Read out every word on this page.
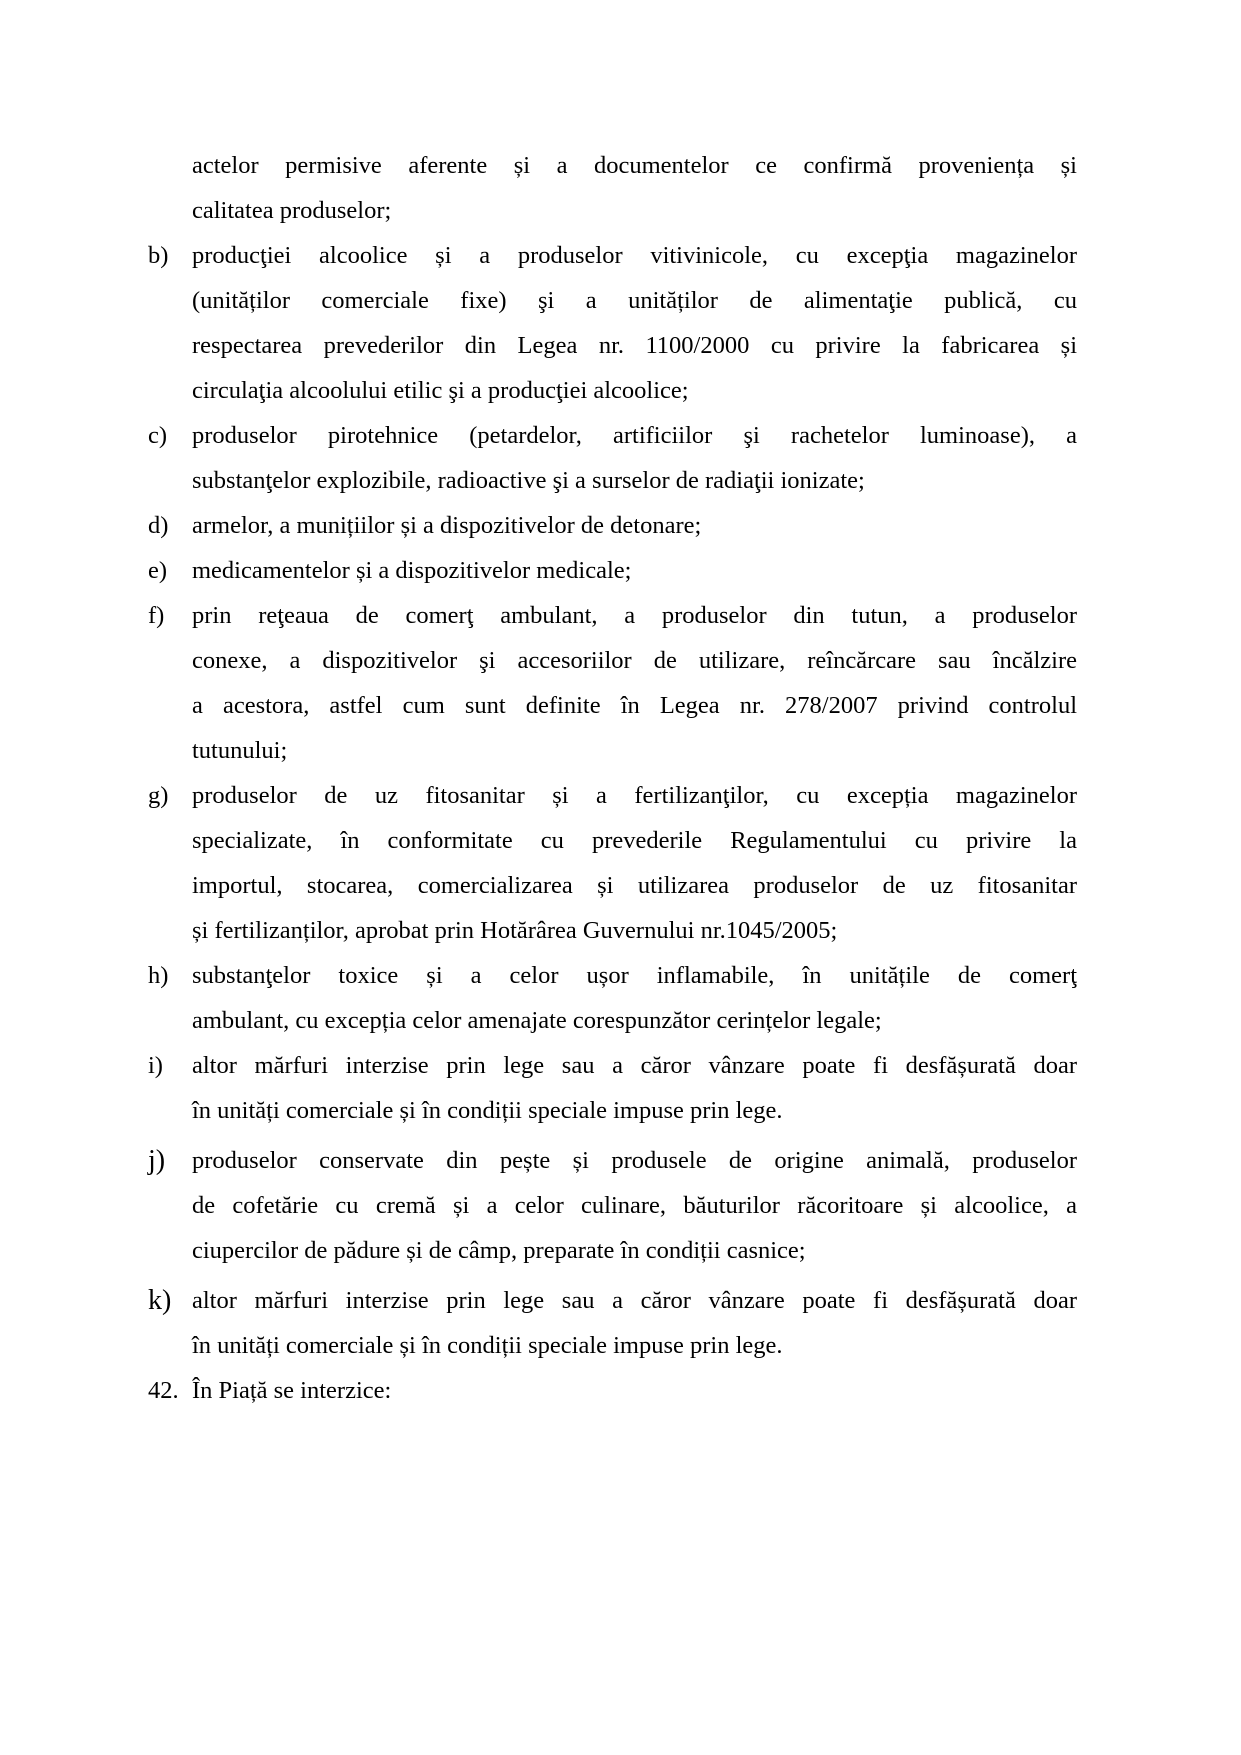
actelor permisive aferente și a documentelor ce confirmă proveniența și
calitatea produselor;
b) producţiei alcoolice și a produselor vitivinicole, cu excepţia magazinelor
(unităților comerciale fixe) şi a unităților de alimentaţie publică, cu
respectarea prevederilor din Legea nr. 1100/2000 cu privire la fabricarea și
circulaţia alcoolului etilic şi a producţiei alcoolice;
c)	produselor pirotehnice (petardelor, artificiilor şi rachetelor luminoase), a
substanţelor explozibile, radioactive şi a surselor de radiaţii ionizate;
d) armelor, a munițiilor și a dispozitivelor de detonare;
e)	medicamentelor și a dispozitivelor medicale;
f)	prin reţeaua de comerţ ambulant, a produselor din tutun, a produselor
conexe, a dispozitivelor şi accesoriilor de utilizare, reîncărcare sau încălzire
a acestora, astfel cum sunt definite în Legea nr. 278/2007 privind controlul
tutunului;
g) produselor de uz fitosanitar și a fertilizanţilor, cu excepția magazinelor
specializate, în conformitate cu prevederile Regulamentului cu privire la
importul, stocarea, comercializarea și utilizarea produselor de uz fitosanitar
și fertilizanților, aprobat prin Hotărârea Guvernului nr.1045/2005;
h) substanţelor toxice și a celor ușor inflamabile, în unitățile de comerţ
ambulant, cu excepția celor amenajate corespunzător cerințelor legale;
i)	altor mărfuri interzise prin lege sau a căror vânzare poate fi desfășurată doar
în unități comerciale și în condiții speciale impuse prin lege.
j)	produselor conservate din pește și produsele de origine animală, produselor
de cofetărie cu cremă și a celor culinare, băuturilor răcoritoare și alcoolice, a
ciupercilor de pădure și de câmp, preparate în condiții casnice;
k) altor mărfuri interzise prin lege sau a căror vânzare poate fi desfășurată doar
în unități comerciale și în condiții speciale impuse prin lege.
42. În Piață se interzice:
